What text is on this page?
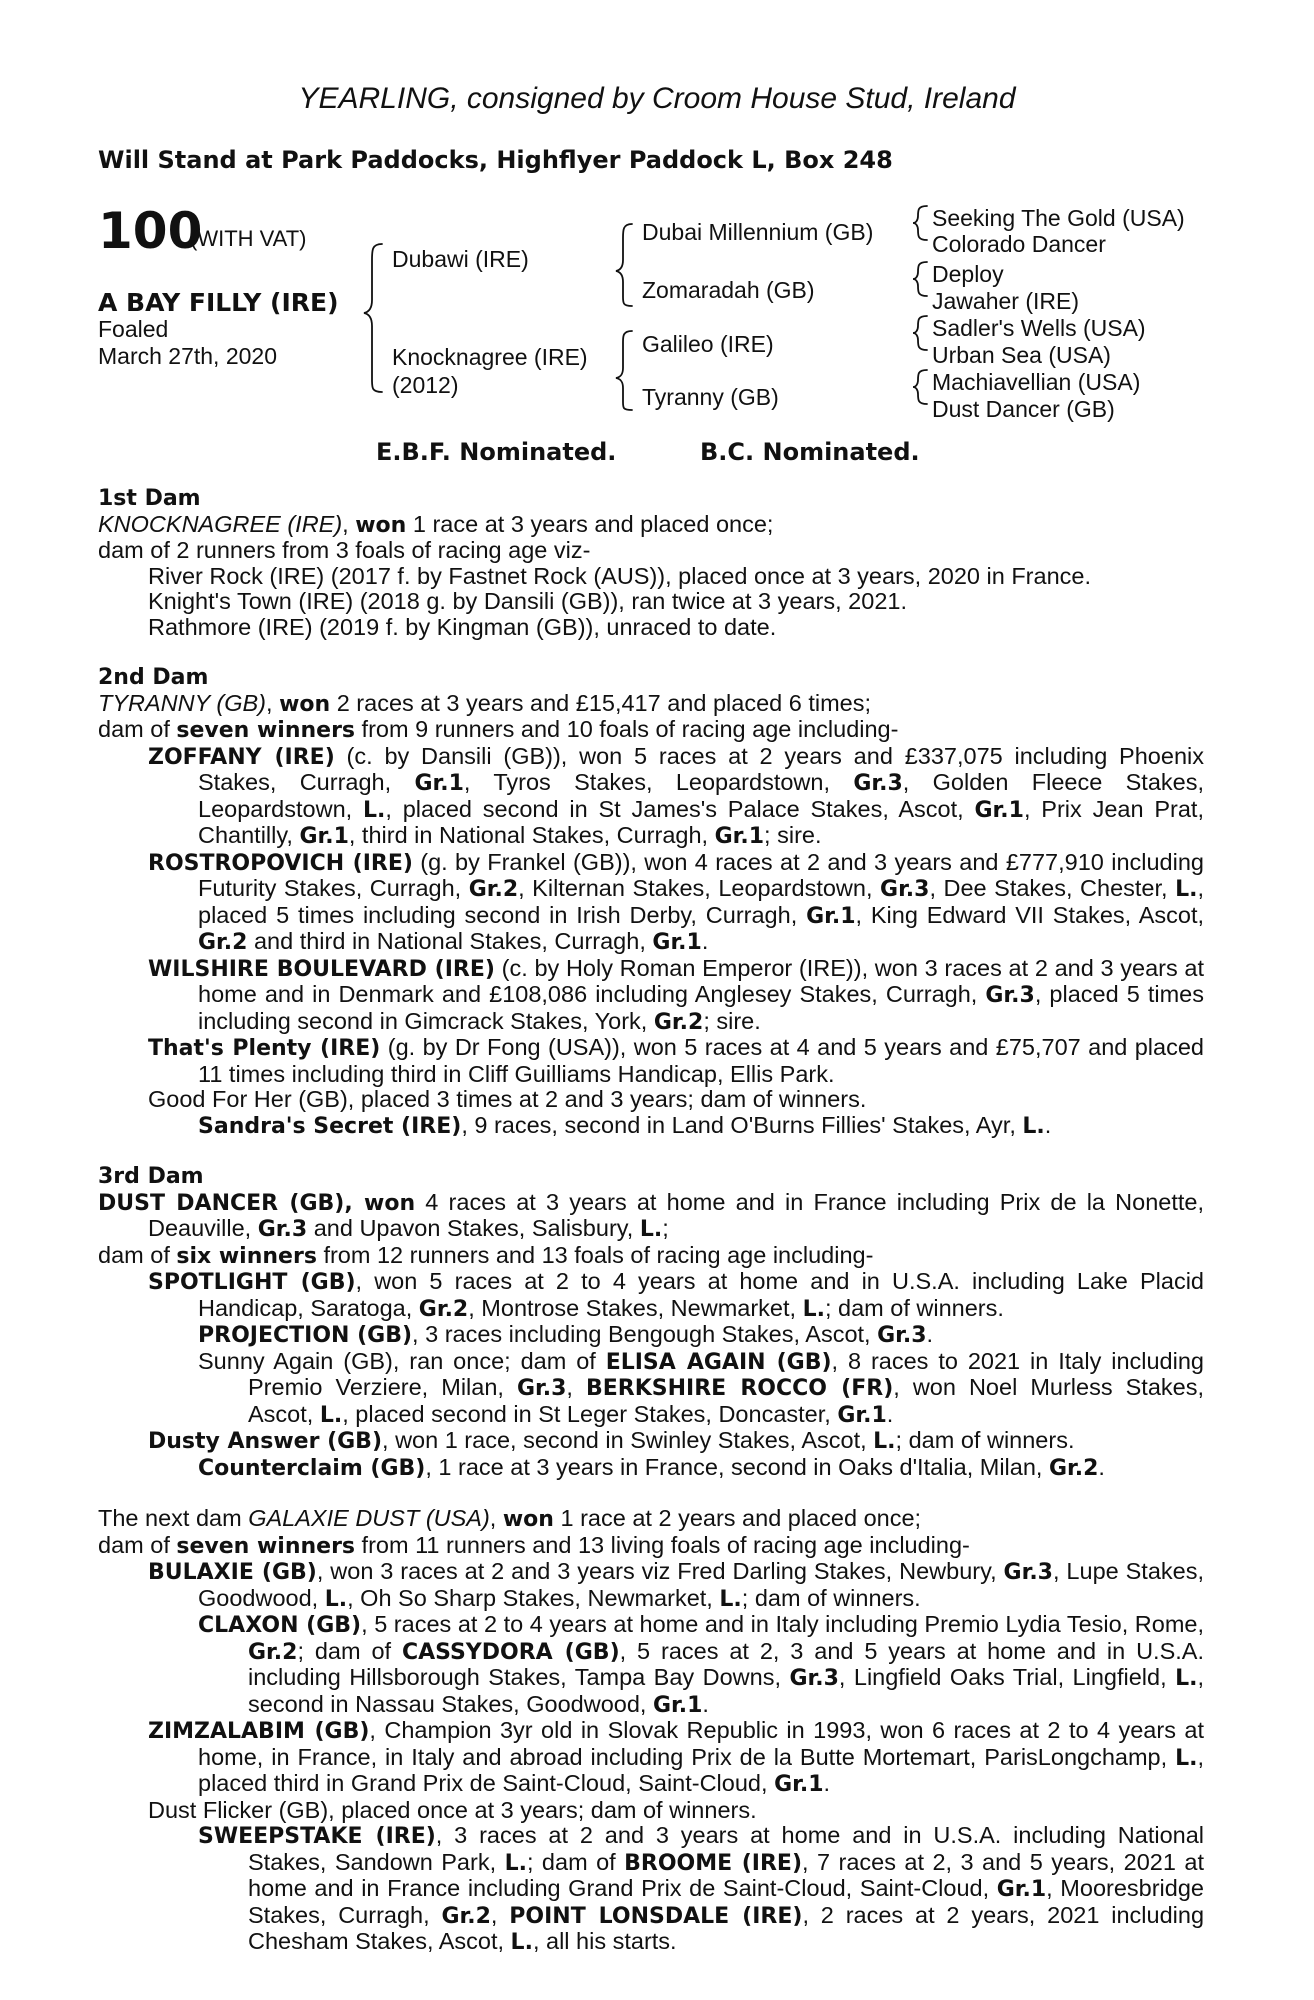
YEARLING, consigned by Croom House Stud, Ireland
Will Stand at Park Paddocks, Highflyer Paddock L, Box 248
100
(WITH VAT)
A BAY FILLY (IRE)
Foaled
March 27th, 2020
Dubawi (IRE)
Knocknagree (IRE)
(2012)
Dubai Millennium (GB)
Zomaradah (GB)
Galileo (IRE)
Tyranny (GB)
Seeking The Gold (USA)
Colorado Dancer
Deploy
Jawaher (IRE)
Sadler's Wells (USA)
Urban Sea (USA)
Machiavellian (USA)
Dust Dancer (GB)
E.B.F. Nominated.	B.C. Nominated.
1st Dam
KNOCKNAGREE (IRE), won 1 race at 3 years and placed once;
dam of 2 runners from 3 foals of racing age viz-
River Rock (IRE) (2017 f. by Fastnet Rock (AUS)), placed once at 3 years, 2020 in France.
Knight's Town (IRE) (2018 g. by Dansili (GB)), ran twice at 3 years, 2021.
Rathmore (IRE) (2019 f. by Kingman (GB)), unraced to date.
2nd Dam
TYRANNY (GB), won 2 races at 3 years and £15,417 and placed 6 times;
dam of seven winners from 9 runners and 10 foals of racing age including-
ZOFFANY (IRE) (c. by Dansili (GB)), won 5 races at 2 years and £337,075 including Phoenix Stakes, Curragh, Gr.1, Tyros Stakes, Leopardstown, Gr.3, Golden Fleece Stakes, Leopardstown, L., placed second in St James's Palace Stakes, Ascot, Gr.1, Prix Jean Prat, Chantilly, Gr.1, third in National Stakes, Curragh, Gr.1; sire.
ROSTROPOVICH (IRE) (g. by Frankel (GB)), won 4 races at 2 and 3 years and £777,910 including Futurity Stakes, Curragh, Gr.2, Kilternan Stakes, Leopardstown, Gr.3, Dee Stakes, Chester, L., placed 5 times including second in Irish Derby, Curragh, Gr.1, King Edward VII Stakes, Ascot, Gr.2 and third in National Stakes, Curragh, Gr.1.
WILSHIRE BOULEVARD (IRE) (c. by Holy Roman Emperor (IRE)), won 3 races at 2 and 3 years at home and in Denmark and £108,086 including Anglesey Stakes, Curragh, Gr.3, placed 5 times including second in Gimcrack Stakes, York, Gr.2; sire.
That's Plenty (IRE) (g. by Dr Fong (USA)), won 5 races at 4 and 5 years and £75,707 and placed 11 times including third in Cliff Guilliams Handicap, Ellis Park.
Good For Her (GB), placed 3 times at 2 and 3 years; dam of winners.
Sandra's Secret (IRE), 9 races, second in Land O'Burns Fillies' Stakes, Ayr, L..
3rd Dam
DUST DANCER (GB), won 4 races at 3 years at home and in France including Prix de la Nonette, Deauville, Gr.3 and Upavon Stakes, Salisbury, L.;
dam of six winners from 12 runners and 13 foals of racing age including-
SPOTLIGHT (GB), won 5 races at 2 to 4 years at home and in U.S.A. including Lake Placid Handicap, Saratoga, Gr.2, Montrose Stakes, Newmarket, L.; dam of winners.
PROJECTION (GB), 3 races including Bengough Stakes, Ascot, Gr.3.
Sunny Again (GB), ran once; dam of ELISA AGAIN (GB), 8 races to 2021 in Italy including Premio Verziere, Milan, Gr.3, BERKSHIRE ROCCO (FR), won Noel Murless Stakes, Ascot, L., placed second in St Leger Stakes, Doncaster, Gr.1.
Dusty Answer (GB), won 1 race, second in Swinley Stakes, Ascot, L.; dam of winners.
Counterclaim (GB), 1 race at 3 years in France, second in Oaks d'Italia, Milan, Gr.2.
The next dam GALAXIE DUST (USA), won 1 race at 2 years and placed once;
dam of seven winners from 11 runners and 13 living foals of racing age including-
BULAXIE (GB), won 3 races at 2 and 3 years viz Fred Darling Stakes, Newbury, Gr.3, Lupe Stakes, Goodwood, L., Oh So Sharp Stakes, Newmarket, L.; dam of winners.
CLAXON (GB), 5 races at 2 to 4 years at home and in Italy including Premio Lydia Tesio, Rome, Gr.2; dam of CASSYDORA (GB), 5 races at 2, 3 and 5 years at home and in U.S.A. including Hillsborough Stakes, Tampa Bay Downs, Gr.3, Lingfield Oaks Trial, Lingfield, L., second in Nassau Stakes, Goodwood, Gr.1.
ZIMZALABIM (GB), Champion 3yr old in Slovak Republic in 1993, won 6 races at 2 to 4 years at home, in France, in Italy and abroad including Prix de la Butte Mortemart, ParisLongchamp, L., placed third in Grand Prix de Saint-Cloud, Saint-Cloud, Gr.1.
Dust Flicker (GB), placed once at 3 years; dam of winners.
SWEEPSTAKE (IRE), 3 races at 2 and 3 years at home and in U.S.A. including National Stakes, Sandown Park, L.; dam of BROOME (IRE), 7 races at 2, 3 and 5 years, 2021 at home and in France including Grand Prix de Saint-Cloud, Saint-Cloud, Gr.1, Mooresbridge Stakes, Curragh, Gr.2, POINT LONSDALE (IRE), 2 races at 2 years, 2021 including Chesham Stakes, Ascot, L., all his starts.
